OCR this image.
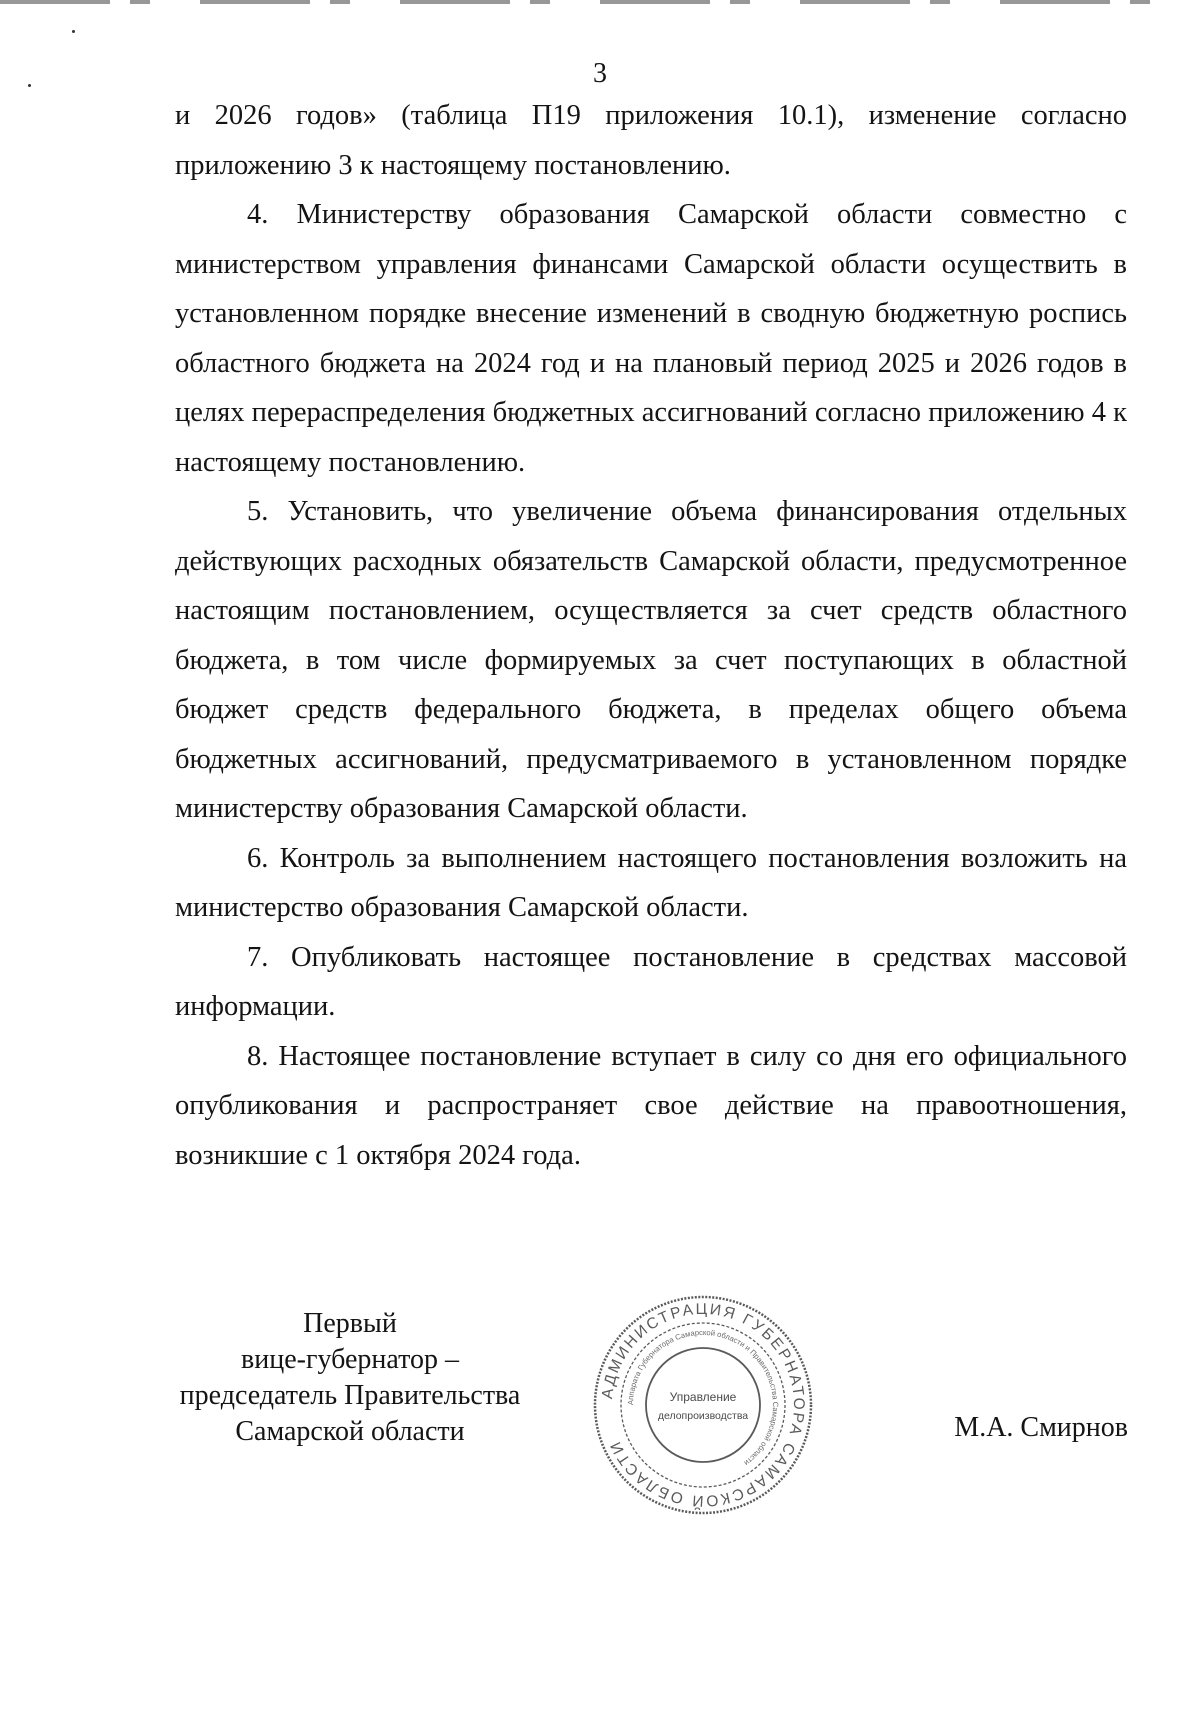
3

и 2026 годов» (таблица П19 приложения 10.1), изменение согласно приложению 3 к настоящему постановлению.

4. Министерству образования Самарской области совместно с министерством управления финансами Самарской области осуществить в установленном порядке внесение изменений в сводную бюджетную роспись областного бюджета на 2024 год и на плановый период 2025 и 2026 годов в целях перераспределения бюджетных ассигнований согласно приложению 4 к настоящему постановлению.

5. Установить, что увеличение объема финансирования отдельных действующих расходных обязательств Самарской области, предусмотренное настоящим постановлением, осуществляется за счет средств областного бюджета, в том числе формируемых за счет поступающих в областной бюджет средств федерального бюджета, в пределах общего объема бюджетных ассигнований, предусматриваемого в установленном порядке министерству образования Самарской области.

6. Контроль за выполнением настоящего постановления возложить на министерство образования Самарской области.

7. Опубликовать настоящее постановление в средствах массовой информации.

8. Настоящее постановление вступает в силу со дня его официального опубликования и распространяет свое действие на правоотношения, возникшие с 1 октября 2024 года.

Первый
вице-губернатор –
председатель Правительства
Самарской области
АДМИНИСТРАЦИЯ ГУБЕРНАТОРА САМАРСКОЙ ОБЛАСТИ
Аппарата Губернатора Самарской области и Правительства Самарской области
Управление
делопроизводства	М.А. Смирнов
